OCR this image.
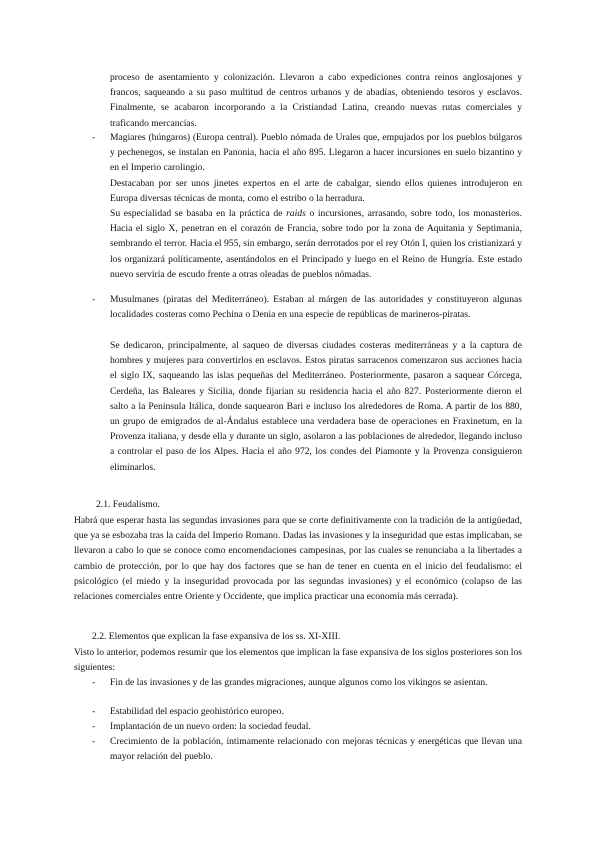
proceso de asentamiento y colonización. Llevaron a cabo expediciones contra reinos anglosajones y francos, saqueando a su paso multitud de centros urbanos y de abadías, obteniendo tesoros y esclavos. Finalmente, se acabaron incorporando a la Cristiandad Latina, creando nuevas rutas comerciales y traficando mercancías.

- Magiares (húngaros) (Europa central). Pueblo nómada de Urales que, empujados por los pueblos búlgaros y pechenegos, se instalan en Panonia, hacia el año 895. Llegaron a hacer incursiones en suelo bizantino y en el Imperio carolingio.

Destacaban por ser unos jinetes expertos en el arte de cabalgar, siendo ellos quienes introdujeron en Europa diversas técnicas de monta, como el estribo o la herradura.

Su especialidad se basaba en la práctica de raids o incursiones, arrasando, sobre todo, los monasterios. Hacia el siglo X, penetran en el corazón de Francia, sobre todo por la zona de Aquitania y Septimania, sembrando el terror. Hacia el 955, sin embargo, serán derrotados por el rey Otón I, quien los cristianizará y los organizará políticamente, asentándolos en el Principado y luego en el Reino de Hungría. Este estado nuevo serviría de escudo frente a otras oleadas de pueblos nómadas.

- Musulmanes (piratas del Mediterráneo). Estaban al márgen de las autoridades y constituyeron algunas localidades costeras como Pechina o Denia en una especie de repúblicas de marineros-piratas.

Se dedicaron, principalmente, al saqueo de diversas ciudades costeras mediterráneas y a la captura de hombres y mujeres para convertirlos en esclavos. Estos piratas sarracenos comenzaron sus acciones hacia el siglo IX, saqueando las islas pequeñas del Mediterráneo. Posteriormente, pasaron a saquear Córcega, Cerdeña, las Baleares y Sicilia, donde fijarían su residencia hacia el año 827. Posteriormente dieron el salto a la Península Itálica, donde saquearon Bari e incluso los alrededores de Roma. A partir de los 880, un grupo de emigrados de al-Ándalus establece una verdadera base de operaciones en Fraxinetum, en la Provenza italiana, y desde ella y durante un siglo, asolaron a las poblaciones de alrededor, llegando incluso a controlar el paso de los Alpes. Hacia el año 972, los condes del Piamonte y la Provenza consiguieron eliminarlos.

2.1. Feudalismo.

Habrá que esperar hasta las segundas invasiones para que se corte definitivamente con la tradición de la antigüedad, que ya se esbozaba tras la caída del Imperio Romano. Dadas las invasiones y la inseguridad que estas implicaban, se llevaron a cabo lo que se conoce como encomendaciones campesinas, por las cuales se renunciaba a la libertades a cambio de protección, por lo que hay dos factores que se han de tener en cuenta en el inicio del feudalismo: el psicológico (el miedo y la inseguridad provocada por las segundas invasiones) y el económico (colapso de las relaciones comerciales entre Oriente y Occidente, que implica practicar una economía más cerrada).

2.2. Elementos que explican la fase expansiva de los ss. XI-XIII.

Visto lo anterior, podemos resumir que los elementos que implican la fase expansiva de los siglos posteriores son los siguientes:

- Fin de las invasiones y de las grandes migraciones, aunque algunos como los vikingos se asientan.

- Estabilidad del espacio geohistórico europeo.

- Implantación de un nuevo orden: la sociedad feudal.

- Crecimiento de la población, íntimamente relacionado con mejoras técnicas y energéticas que llevan una mayor relación del pueblo.
